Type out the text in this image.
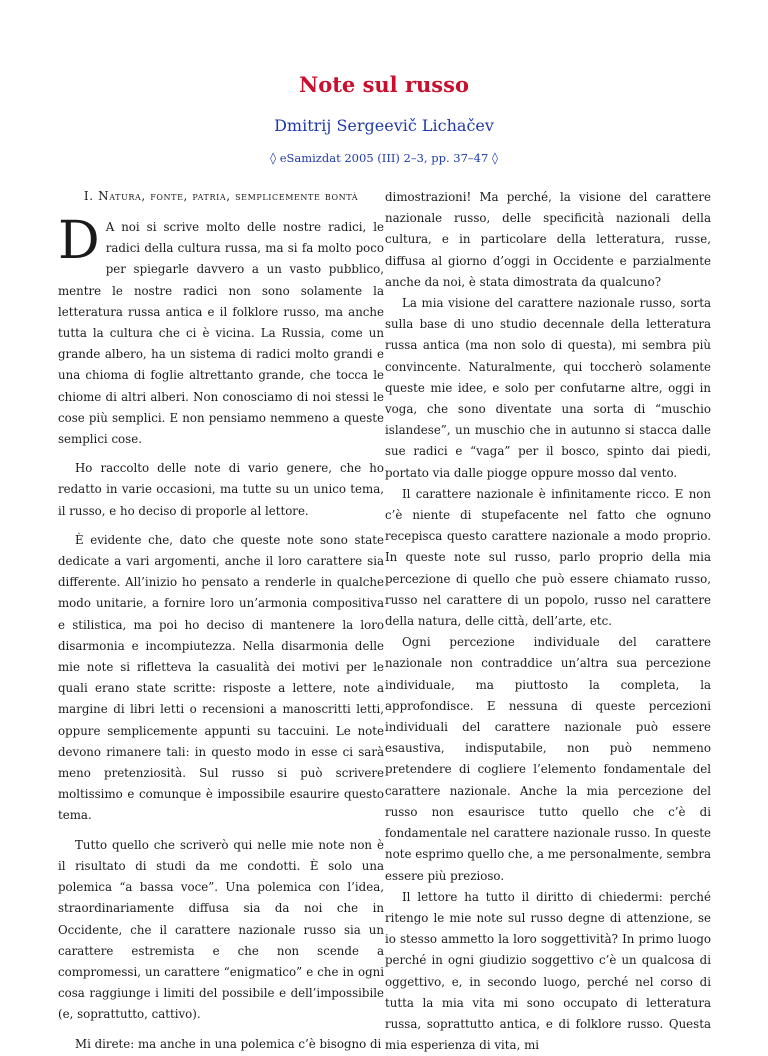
Note sul russo
Dmitrij Sergeevič Lichačev
◊ eSamizdat 2005 (III) 2–3, pp. 37–47 ◊
I. Natura, fonte, patria, semplicemente bontà

D A noi si scrive molto delle nostre radici, le radici della cultura russa, ma si fa molto poco per spiegarle davvero a un vasto pubblico, mentre le nostre radici non sono solamente la letteratura russa antica e il folklore russo, ma anche tutta la cultura che ci è vicina. La Russia, come un grande albero, ha un sistema di radici molto grandi e una chioma di foglie altrettanto grande, che tocca le chiome di altri alberi. Non conosciamo di noi stessi le cose più semplici. E non pensiamo nemmeno a queste semplici cose.

Ho raccolto delle note di vario genere, che ho redatto in varie occasioni, ma tutte su un unico tema, il russo, e ho deciso di proporle al lettore.

È evidente che, dato che queste note sono state dedicate a vari argomenti, anche il loro carattere sia differente. All’inizio ho pensato a renderle in qualche modo unitarie, a fornire loro un’armonia compositiva e stilistica, ma poi ho deciso di mantenere la loro disarmonia e incompiutezza. Nella disarmonia delle mie note si rifletteva la casualità dei motivi per le quali erano state scritte: risposte a lettere, note a margine di libri letti o recensioni a manoscritti letti, oppure semplicemente appunti su taccuini. Le note devono rimanere tali: in questo modo in esse ci sarà meno pretenziosità. Sul russo si può scrivere moltissimo e comunque è impossibile esaurire questo tema.

Tutto quello che scriverò qui nelle mie note non è il risultato di studi da me condotti. È solo una polemica “a bassa voce”. Una polemica con l’idea, straordinariamente diffusa sia da noi che in Occidente, che il carattere nazionale russo sia un carattere estremista e che non scende a compromessi, un carattere “enigmatico” e che in ogni cosa raggiunge i limiti del possibile e dell’impossibile (e, soprattutto, cattivo).

Mi direte: ma anche in una polemica c’è bisogno di

dimostrazioni! Ma perché, la visione del carattere nazionale russo, delle specificità nazionali della cultura, e in particolare della letteratura, russe, diffusa al giorno d’oggi in Occidente e parzialmente anche da noi, è stata dimostrata da qualcuno?

La mia visione del carattere nazionale russo, sorta sulla base di uno studio decennale della letteratura russa antica (ma non solo di questa), mi sembra più convincente. Naturalmente, qui toccherò solamente queste mie idee, e solo per confutarne altre, oggi in voga, che sono diventate una sorta di “muschio islandese”, un muschio che in autunno si stacca dalle sue radici e “vaga” per il bosco, spinto dai piedi, portato via dalle piogge oppure mosso dal vento.

Il carattere nazionale è infinitamente ricco. E non c’è niente di stupefacente nel fatto che ognuno recepisca questo carattere nazionale a modo proprio. In queste note sul russo, parlo proprio della mia percezione di quello che può essere chiamato russo, russo nel carattere di un popolo, russo nel carattere della natura, delle città, dell’arte, etc.

Ogni percezione individuale del carattere nazionale non contraddice un’altra sua percezione individuale, ma piuttosto la completa, la approfondisce. E nessuna di queste percezioni individuali del carattere nazionale può essere esaustiva, indisputabile, non può nemmeno pretendere di cogliere l’elemento fondamentale del carattere nazionale. Anche la mia percezione del russo non esaurisce tutto quello che c’è di fondamentale nel carattere nazionale russo. In queste note esprimo quello che, a me personalmente, sembra essere più prezioso.

Il lettore ha tutto il diritto di chiedermi: perché ritengo le mie note sul russo degne di attenzione, se io stesso ammetto la loro soggettività? In primo luogo perché in ogni giudizio soggettivo c’è un qualcosa di oggettivo, e, in secondo luogo, perché nel corso di tutta la mia vita mi sono occupato di letteratura russa, soprattutto antica, e di folklore russo. Questa mia esperienza di vita, mi
